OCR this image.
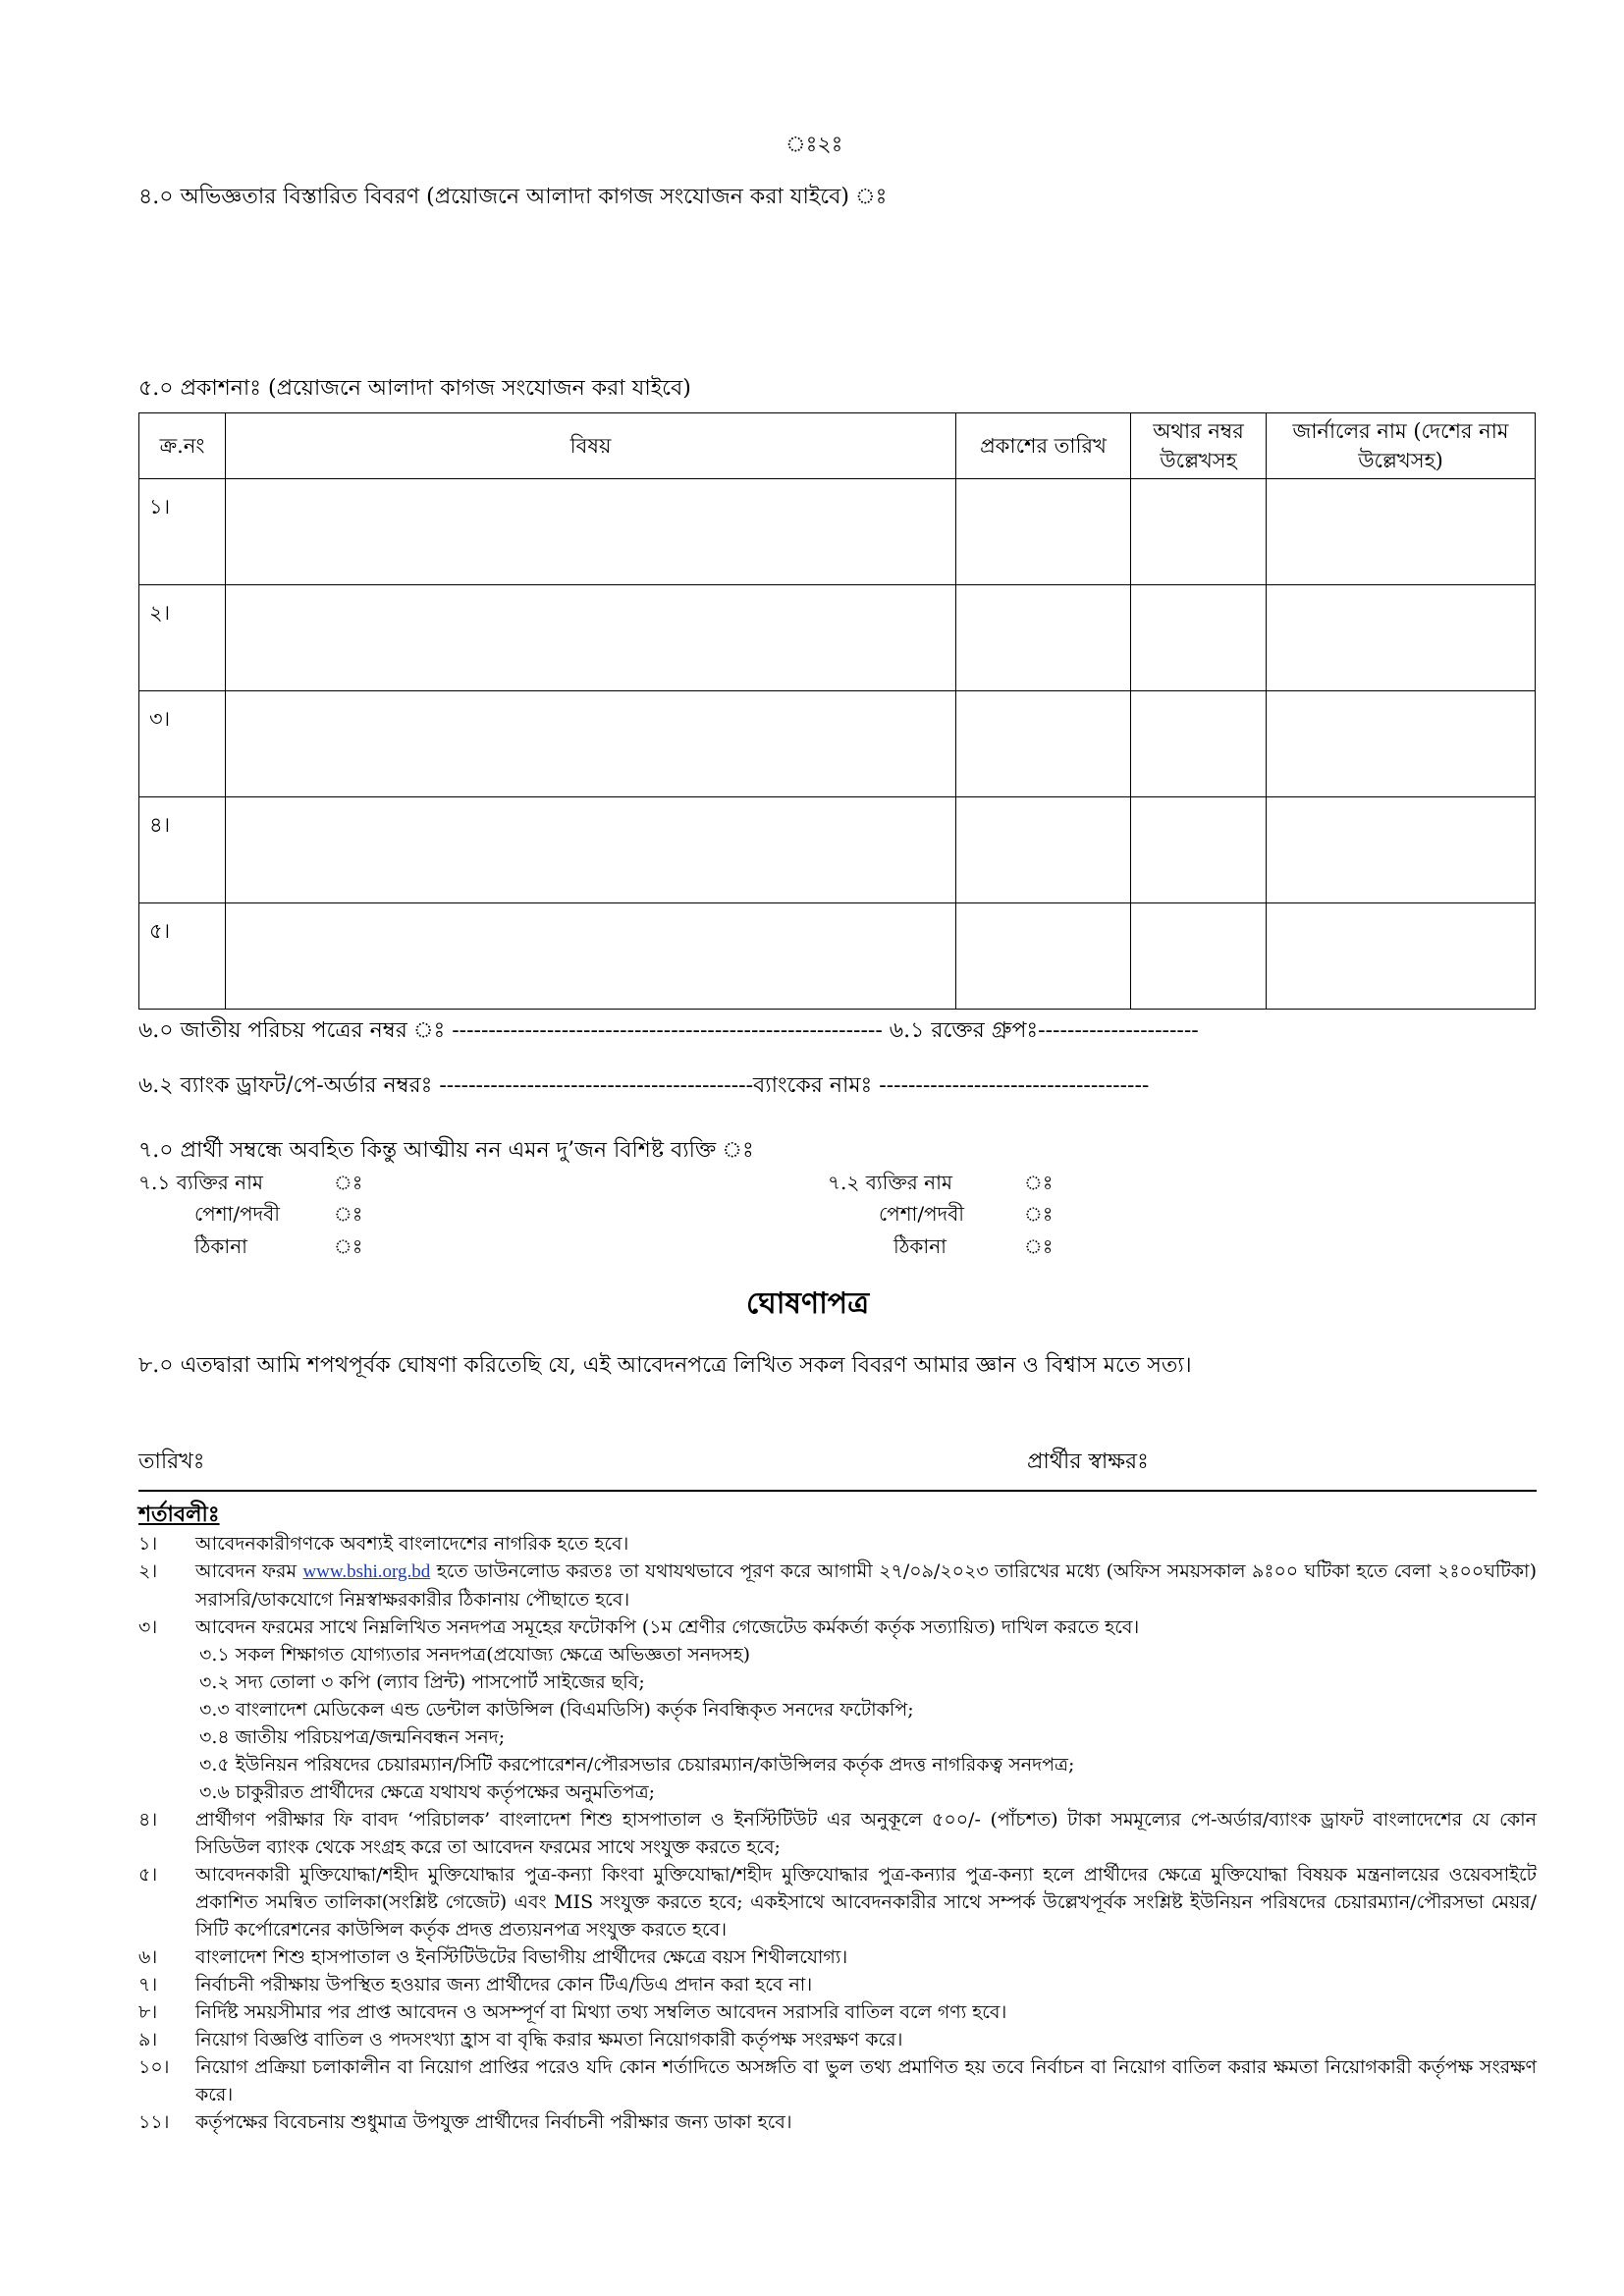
ঃ২ঃ
৪.০ অভিজ্ঞতার বিস্তারিত বিবরণ (প্রয়োজনে আলাদা কাগজ সংযোজন করা যাইবে) ঃ
৫.০ প্রকাশনাঃ (প্রয়োজনে আলাদা কাগজ সংযোজন করা যাইবে)
ক্র.নং	বিষয়	প্রকাশের তারিখ	অথার নম্বর উল্লেখসহ	জার্নালের নাম (দেশের নাম উল্লেখসহ)
১।				
২।				
৩।				
৪।				
৫।				
৬.০ জাতীয় পরিচয় পত্রের নম্বর ঃ ----------------------------------------------------------- ৬.১ রক্তের গ্রুপঃ----------------------
৬.২ ব্যাংক ড্রাফট/পে-অর্ডার নম্বরঃ -------------------------------------------ব্যাংকের নামঃ -------------------------------------
৭.০ প্রার্থী সম্বন্ধে অবহিত কিন্তু আত্মীয় নন এমন দু’জন বিশিষ্ট ব্যক্তি ঃ
৭.১ ব্যক্তির নাম	ঃ
পেশা/পদবী	ঃ
ঠিকানা	ঃ
৭.২ ব্যক্তির নাম	ঃ
পেশা/পদবী	ঃ
ঠিকানা	ঃ
ঘোষণাপত্র
৮.০ এতদ্বারা আমি শপথপূর্বক ঘোষণা করিতেছি যে, এই আবেদনপত্রে লিখিত সকল বিবরণ আমার জ্ঞান ও বিশ্বাস মতে সত্য।
তারিখঃ	প্রার্থীর স্বাক্ষরঃ
শর্তাবলীঃ
১।	আবেদনকারীগণকে অবশ্যই বাংলাদেশের নাগরিক হতে হবে।
২।	আবেদন ফরম www.bshi.org.bd হতে ডাউনলোড করতঃ তা যথাযথভাবে পূরণ করে আগামী ২৭/০৯/২০২৩ তারিখের মধ্যে (অফিস সময়সকাল ৯ঃ০০ ঘটিকা হতে বেলা ২ঃ০০ঘটিকা) সরাসরি/ডাকযোগে নিম্নস্বাক্ষরকারীর ঠিকানায় পৌছাতে হবে।
৩।	আবেদন ফরমের সাথে নিম্নলিখিত সনদপত্র সমূহের ফটোকপি (১ম শ্রেণীর গেজেটেড কর্মকর্তা কর্তৃক সত্যায়িত) দাখিল করতে হবে।
৩.১ সকল শিক্ষাগত যোগ্যতার সনদপত্র(প্রযোজ্য ক্ষেত্রে অভিজ্ঞতা সনদসহ)
৩.২ সদ্য তোলা ৩ কপি (ল্যাব প্রিন্ট) পাসপোর্ট সাইজের ছবি;
৩.৩ বাংলাদেশ মেডিকেল এন্ড ডেন্টাল কাউন্সিল (বিএমডিসি) কর্তৃক নিবন্ধিকৃত সনদের ফটোকপি;
৩.৪ জাতীয় পরিচয়পত্র/জন্মনিবন্ধন সনদ;
৩.৫ ইউনিয়ন পরিষদের চেয়ারম্যান/সিটি করপোরেশন/পৌরসভার চেয়ারম্যান/কাউন্সিলর কর্তৃক প্রদত্ত নাগরিকত্ব সনদপত্র;
৩.৬ চাকুরীরত প্রার্থীদের ক্ষেত্রে যথাযথ কর্তৃপক্ষের অনুমতিপত্র;
৪।	প্রার্থীগণ পরীক্ষার ফি বাবদ ‘পরিচালক’ বাংলাদেশ শিশু হাসপাতাল ও ইনস্টিটিউট এর অনুকূলে ৫০০/- (পাঁচশত) টাকা সমমূল্যের পে-অর্ডার/ব্যাংক ড্রাফট বাংলাদেশের যে কোন সিডিউল ব্যাংক থেকে সংগ্রহ করে তা আবেদন ফরমের সাথে সংযুক্ত করতে হবে;
৫।	আবেদনকারী মুক্তিযোদ্ধা/শহীদ মুক্তিযোদ্ধার পুত্র-কন্যা কিংবা মুক্তিযোদ্ধা/শহীদ মুক্তিযোদ্ধার পুত্র-কন্যার পুত্র-কন্যা হলে প্রার্থীদের ক্ষেত্রে মুক্তিযোদ্ধা বিষয়ক মন্ত্রনালয়ের ওয়েবসাইটে প্রকাশিত সমন্বিত তালিকা(সংশ্লিষ্ট গেজেট) এবং MIS সংযুক্ত করতে হবে; একইসাথে আবেদনকারীর সাথে সম্পর্ক উল্লেখপূর্বক সংশ্লিষ্ট ইউনিয়ন পরিষদের চেয়ারম্যান/পৌরসভা মেয়র/সিটি কর্পোরেশনের কাউন্সিল কর্তৃক প্রদত্ত প্রত্যয়নপত্র সংযুক্ত করতে হবে।
৬।	বাংলাদেশ শিশু হাসপাতাল ও ইনস্টিটিউটের বিভাগীয় প্রার্থীদের ক্ষেত্রে বয়স শিথীলযোগ্য।
৭।	নির্বাচনী পরীক্ষায় উপস্থিত হওয়ার জন্য প্রার্থীদের কোন টিএ/ডিএ প্রদান করা হবে না।
৮।	নির্দিষ্ট সময়সীমার পর প্রাপ্ত আবেদন ও অসম্পূর্ণ বা মিথ্যা তথ্য সম্বলিত আবেদন সরাসরি বাতিল বলে গণ্য হবে।
৯।	নিয়োগ বিজ্ঞপ্তি বাতিল ও পদসংখ্যা হ্রাস বা বৃদ্ধি করার ক্ষমতা নিয়োগকারী কর্তৃপক্ষ সংরক্ষণ করে।
১০।	নিয়োগ প্রক্রিয়া চলাকালীন বা নিয়োগ প্রাপ্তির পরেও যদি কোন শর্তাদিতে অসঙ্গতি বা ভুল তথ্য প্রমাণিত হয় তবে নির্বাচন বা নিয়োগ বাতিল করার ক্ষমতা নিয়োগকারী কর্তৃপক্ষ সংরক্ষণ করে।
১১।	কর্তৃপক্ষের বিবেচনায় শুধুমাত্র উপযুক্ত প্রার্থীদের নির্বাচনী পরীক্ষার জন্য ডাকা হবে।
